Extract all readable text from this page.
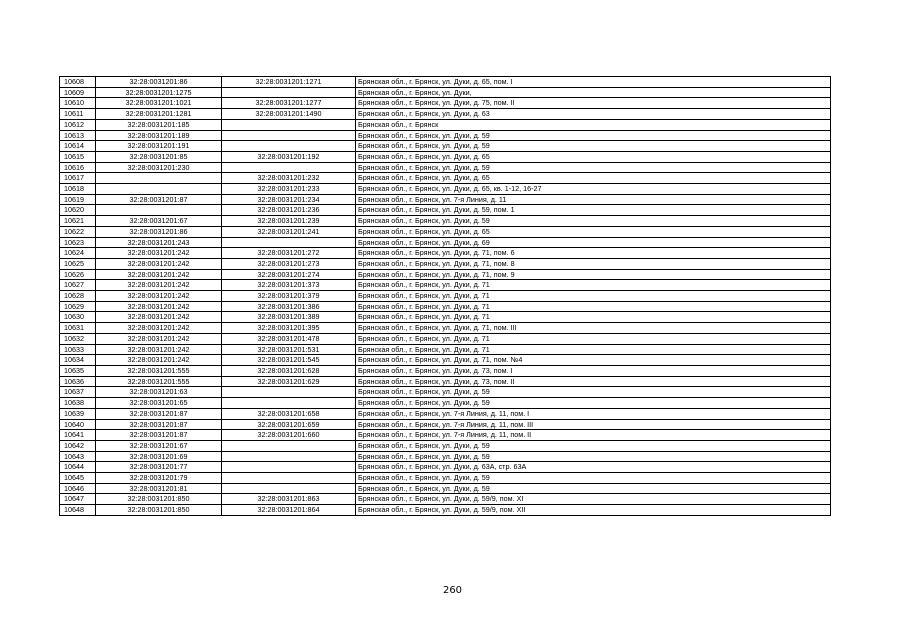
10608	32:28:0031201:86	32:28:0031201:1271	Брянская обл., г. Брянск, ул. Дуки, д. 65, пом. I
10609	32:28:0031201:1275		Брянская обл., г. Брянск, ул. Дуки,
10610	32:28:0031201:1021	32:28:0031201:1277	Брянская обл., г. Брянск, ул. Дуки, д. 75, пом. II
10611	32:28:0031201:1281	32:28:0031201:1490	Брянская обл., г. Брянск, ул. Дуки, д. 63
10612	32:28:0031201:185		Брянская обл., г. Брянск
10613	32:28:0031201:189		Брянская обл., г. Брянск, ул. Дуки, д. 59
10614	32:28:0031201:191		Брянская обл., г. Брянск, ул. Дуки, д. 59
10615	32:28:0031201:85	32:28:0031201:192	Брянская обл., г. Брянск, ул. Дуки, д. 65
10616	32:28:0031201:230		Брянская обл., г. Брянск, ул. Дуки, д. 59
10617		32:28:0031201:232	Брянская обл., г. Брянск, ул. Дуки, д. 65
10618		32:28:0031201:233	Брянская обл., г. Брянск, ул. Дуки, д. 65, кв. 1-12, 16-27
10619	32:28:0031201:87	32:28:0031201:234	Брянская обл., г. Брянск, ул. 7-я Линия, д. 11
10620		32:28:0031201:236	Брянская обл., г. Брянск, ул. Дуки, д. 59, пом. 1
10621	32:28:0031201:67	32:28:0031201:239	Брянская обл., г. Брянск, ул. Дуки, д. 59
10622	32:28:0031201:86	32:28:0031201:241	Брянская обл., г. Брянск, ул. Дуки, д. 65
10623	32:28:0031201:243		Брянская обл., г. Брянск, ул. Дуки, д. 69
10624	32:28:0031201:242	32:28:0031201:272	Брянская обл., г. Брянск, ул. Дуки, д. 71, пом. 6
10625	32:28:0031201:242	32:28:0031201:273	Брянская обл., г. Брянск, ул. Дуки, д. 71, пом. 8
10626	32:28:0031201:242	32:28:0031201:274	Брянская обл., г. Брянск, ул. Дуки, д. 71, пом. 9
10627	32:28:0031201:242	32:28:0031201:373	Брянская обл., г. Брянск, ул. Дуки, д. 71
10628	32:28:0031201:242	32:28:0031201:379	Брянская обл., г. Брянск, ул. Дуки, д. 71
10629	32:28:0031201:242	32:28:0031201:386	Брянская обл., г. Брянск, ул. Дуки, д. 71
10630	32:28:0031201:242	32:28:0031201:389	Брянская обл., г. Брянск, ул. Дуки, д. 71
10631	32:28:0031201:242	32:28:0031201:395	Брянская обл., г. Брянск, ул. Дуки, д. 71, пом. III
10632	32:28:0031201:242	32:28:0031201:478	Брянская обл., г. Брянск, ул. Дуки, д. 71
10633	32:28:0031201:242	32:28:0031201:531	Брянская обл., г. Брянск, ул. Дуки, д. 71
10634	32:28:0031201:242	32:28:0031201:545	Брянская обл., г. Брянск, ул. Дуки, д. 71, пом. №4
10635	32:28:0031201:555	32:28:0031201:628	Брянская обл., г. Брянск, ул. Дуки, д. 73, пом. I
10636	32:28:0031201:555	32:28:0031201:629	Брянская обл., г. Брянск, ул. Дуки, д. 73, пом. II
10637	32:28:0031201:63		Брянская обл., г. Брянск, ул. Дуки, д. 59
10638	32:28:0031201:65		Брянская обл., г. Брянск, ул. Дуки, д. 59
10639	32:28:0031201:87	32:28:0031201:658	Брянская обл., г. Брянск, ул. 7-я Линия, д. 11, пом. I
10640	32:28:0031201:87	32:28:0031201:659	Брянская обл., г. Брянск, ул. 7-я Линия, д. 11, пом. III
10641	32:28:0031201:87	32:28:0031201:660	Брянская обл., г. Брянск, ул. 7-я Линия, д. 11, пом. II
10642	32:28:0031201:67		Брянская обл., г. Брянск, ул. Дуки, д. 59
10643	32:28:0031201:69		Брянская обл., г. Брянск, ул. Дуки, д. 59
10644	32:28:0031201:77		Брянская обл., г. Брянск, ул. Дуки, д. 63А, стр. 63А
10645	32:28:0031201:79		Брянская обл., г. Брянск, ул. Дуки, д. 59
10646	32:28:0031201:81		Брянская обл., г. Брянск, ул. Дуки, д. 59
10647	32:28:0031201:850	32:28:0031201:863	Брянская обл., г. Брянск, ул. Дуки, д. 59/9, пом. XI
10648	32:28:0031201:850	32:28:0031201:864	Брянская обл., г. Брянск, ул. Дуки, д. 59/9, пом. XII
260
